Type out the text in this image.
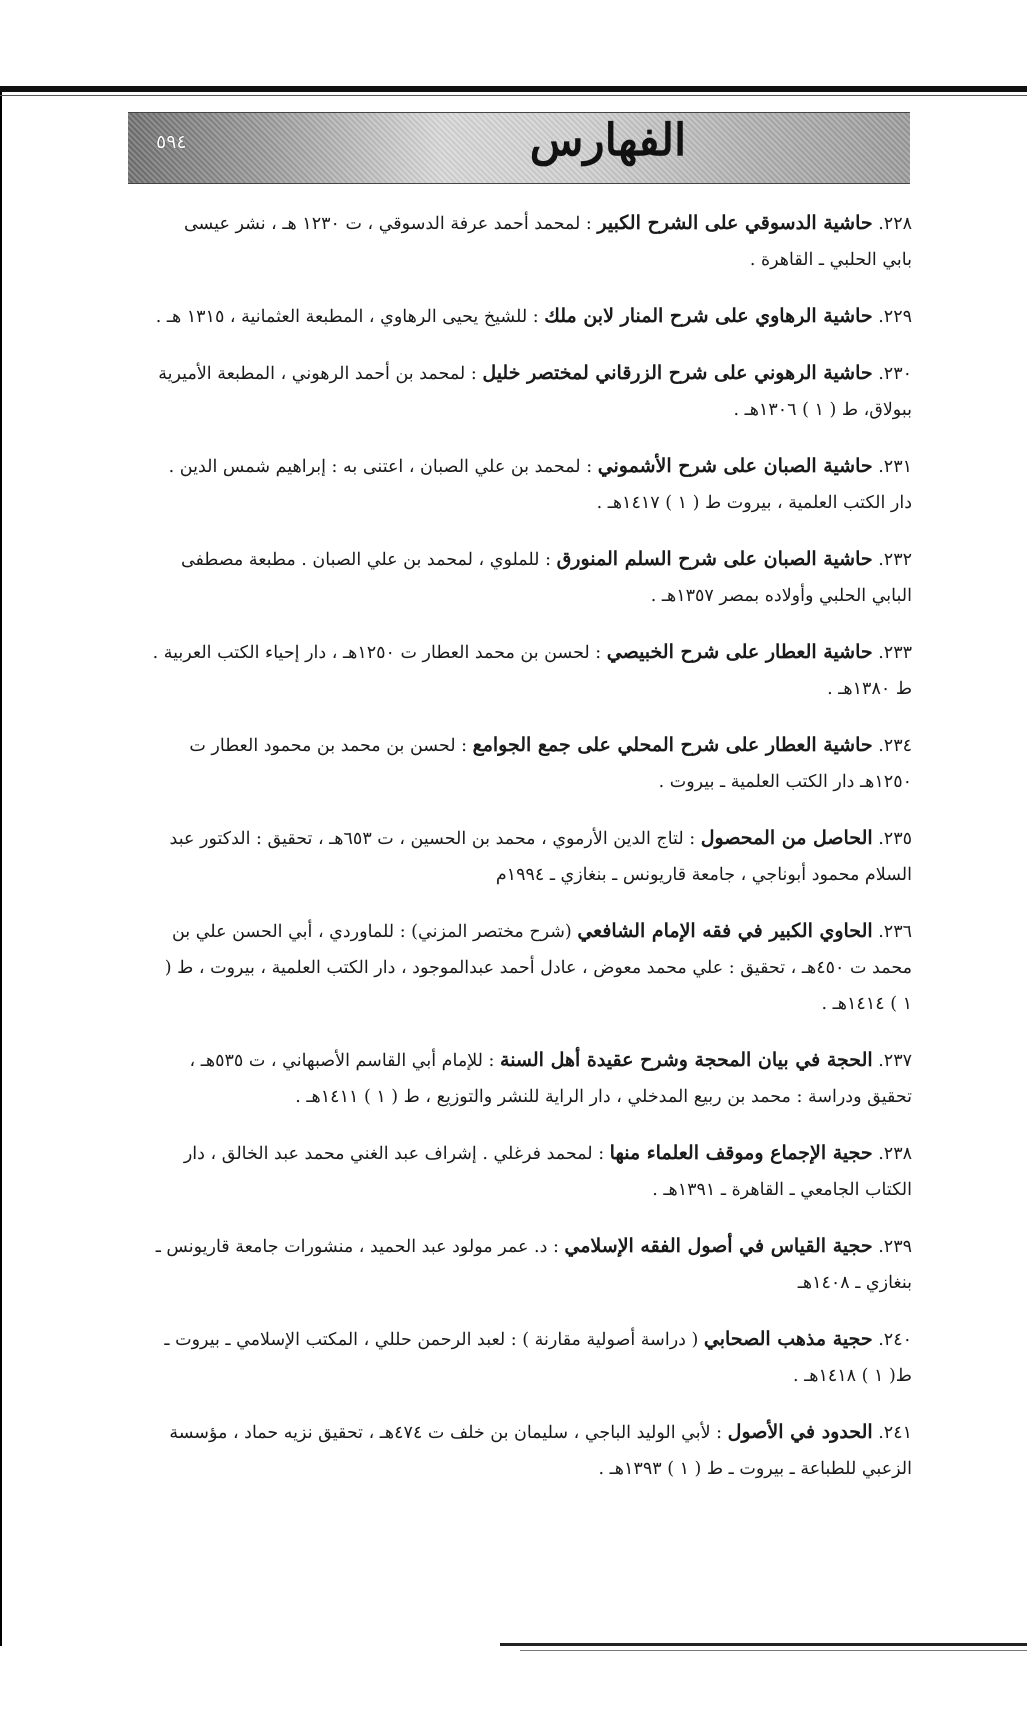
٥٩٤	الفهارس
٢٢٨. حاشية الدسوقي على الشرح الكبير : لمحمد أحمد عرفة الدسوقي ، ت ١٢٣٠ هـ ، نشر عيسى بابي الحلبي ـ القاهرة .
٢٢٩. حاشية الرهاوي على شرح المنار لابن ملك : للشيخ يحيى الرهاوي ، المطبعة العثمانية ، ١٣١٥ هـ .
٢٣٠. حاشية الرهوني على شرح الزرقاني لمختصر خليل : لمحمد بن أحمد الرهوني ، المطبعة الأميرية ببولاق، ط ( ١ ) ١٣٠٦هـ .
٢٣١. حاشية الصبان على شرح الأشموني : لمحمد بن علي الصبان ، اعتنى به : إبراهيم شمس الدين . دار الكتب العلمية ، بيروت ط ( ١ ) ١٤١٧هـ .
٢٣٢. حاشية الصبان على شرح السلم المنورق : للملوي ، لمحمد بن علي الصبان . مطبعة مصطفى البابي الحلبي وأولاده بمصر ١٣٥٧هـ .
٢٣٣. حاشية العطار على شرح الخبيصي : لحسن بن محمد العطار ت ١٢٥٠هـ ، دار إحياء الكتب العربية . ط ١٣٨٠هـ .
٢٣٤. حاشية العطار على شرح المحلي على جمع الجوامع : لحسن بن محمد بن محمود العطار ت ١٢٥٠هـ دار الكتب العلمية ـ بيروت .
٢٣٥. الحاصل من المحصول : لتاج الدين الأرموي ، محمد بن الحسين ، ت ٦٥٣هـ ، تحقيق : الدكتور عبد السلام محمود أبوناجي ، جامعة قاريونس ـ بنغازي ـ ١٩٩٤م
٢٣٦. الحاوي الكبير في فقه الإمام الشافعي (شرح مختصر المزني) : للماوردي ، أبي الحسن علي بن محمد ت ٤٥٠هـ ، تحقيق : علي محمد معوض ، عادل أحمد عبدالموجود ، دار الكتب العلمية ، بيروت ، ط ( ١ ) ١٤١٤هـ .
٢٣٧. الحجة في بيان المحجة وشرح عقيدة أهل السنة : للإمام أبي القاسم الأصبهاني ، ت ٥٣٥هـ ، تحقيق ودراسة : محمد بن ربيع المدخلي ، دار الراية للنشر والتوزيع ، ط ( ١ ) ١٤١١هـ .
٢٣٨. حجية الإجماع وموقف العلماء منها : لمحمد فرغلي . إشراف عبد الغني محمد عبد الخالق ، دار الكتاب الجامعي ـ القاهرة ـ ١٣٩١هـ .
٢٣٩. حجية القياس في أصول الفقه الإسلامي : د. عمر مولود عبد الحميد ، منشورات جامعة قاريونس ـ بنغازي ـ ١٤٠٨هـ
٢٤٠. حجية مذهب الصحابي ( دراسة أصولية مقارنة ) : لعبد الرحمن حللي ، المكتب الإسلامي ـ بيروت ـ ط( ١ ) ١٤١٨هـ .
٢٤١. الحدود في الأصول : لأبي الوليد الباجي ، سليمان بن خلف ت ٤٧٤هـ ، تحقيق نزيه حماد ، مؤسسة الزعبي للطباعة ـ بيروت ـ ط ( ١ ) ١٣٩٣هـ .
